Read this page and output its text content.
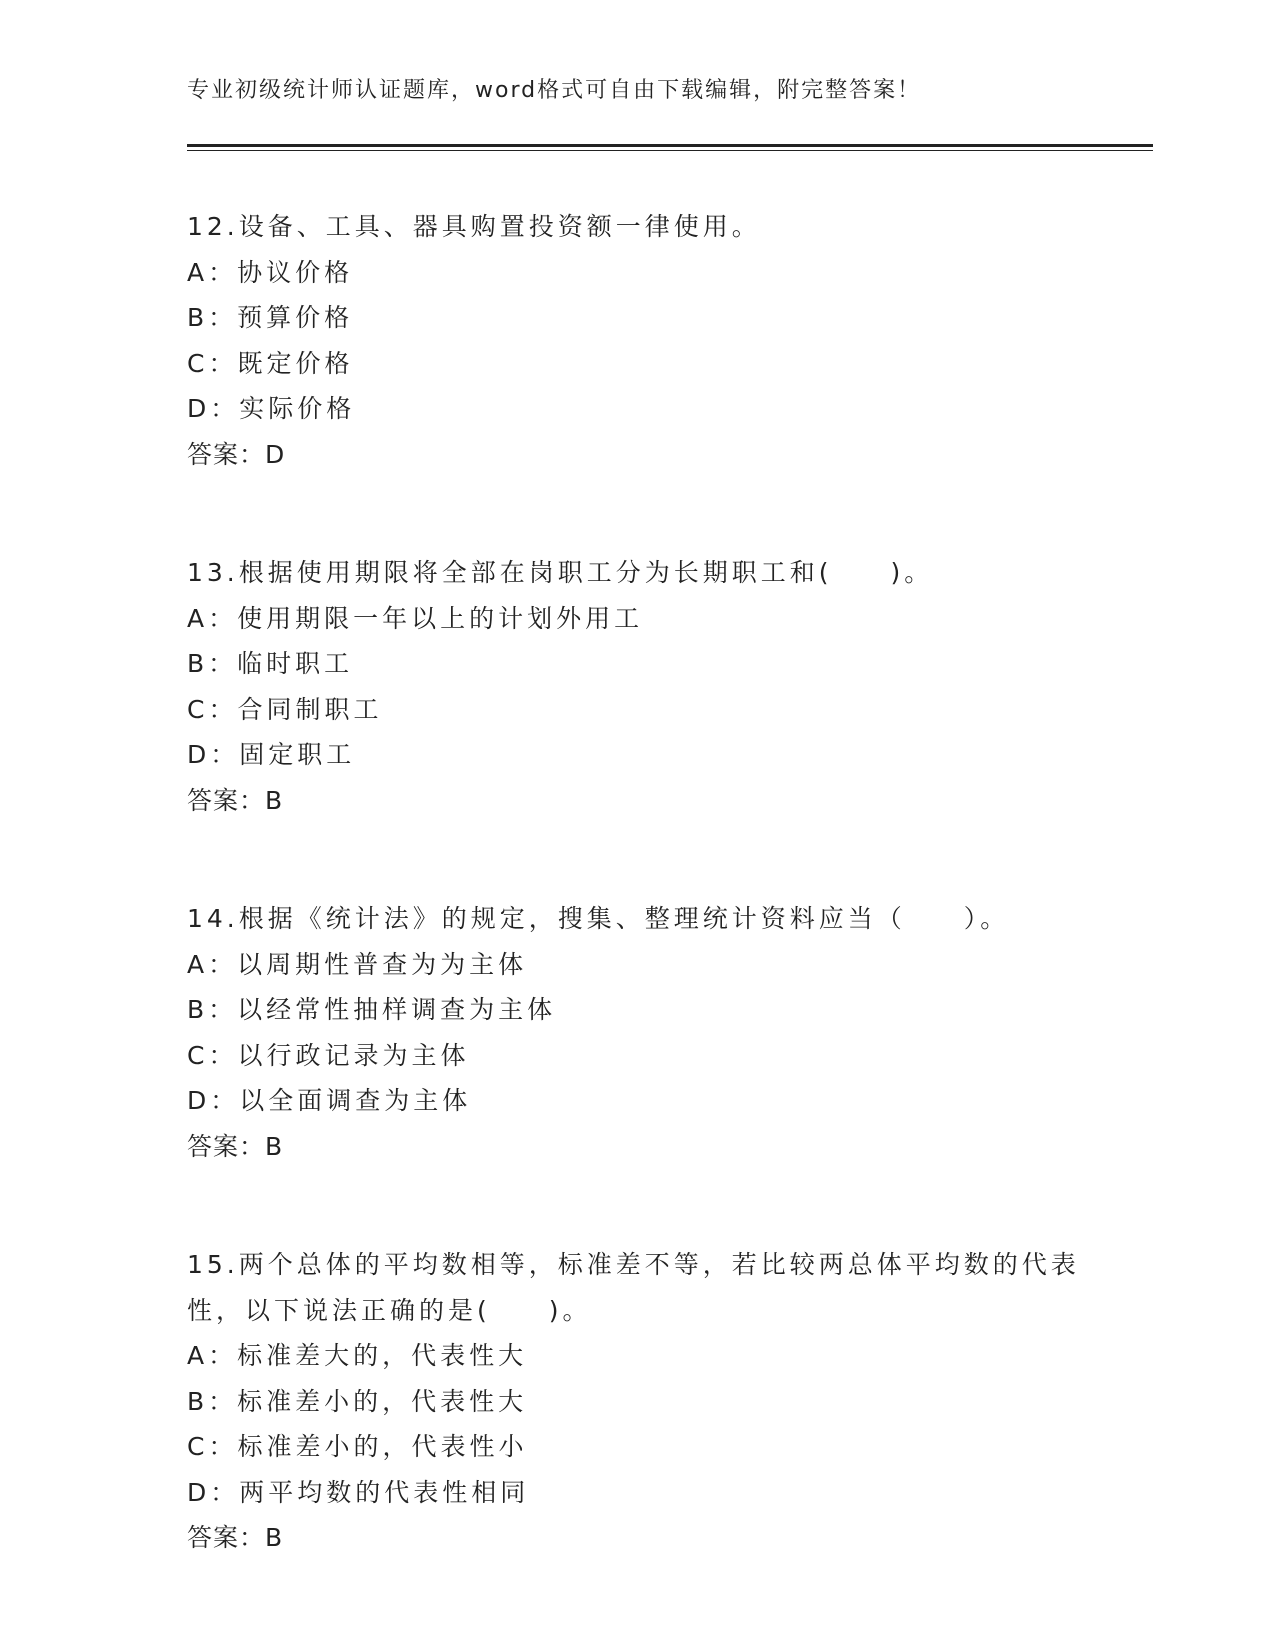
专业初级统计师认证题库，word格式可自由下载编辑，附完整答案！
12.设备、工具、器具购置投资额一律使用。
A：协议价格
B：预算价格
C：既定价格
D：实际价格
答案：D
13.根据使用期限将全部在岗职工分为长期职工和(　　)。
A：使用期限一年以上的计划外用工
B：临时职工
C：合同制职工
D：固定职工
答案：B
14.根据《统计法》的规定，搜集、整理统计资料应当（　　）。
A：以周期性普查为为主体
B：以经常性抽样调查为主体
C：以行政记录为主体
D：以全面调查为主体
答案：B
15.两个总体的平均数相等，标准差不等，若比较两总体平均数的代表性，以下说法正确的是(　　)。
A：标准差大的，代表性大
B：标准差小的，代表性大
C：标准差小的，代表性小
D：两平均数的代表性相同
答案：B
